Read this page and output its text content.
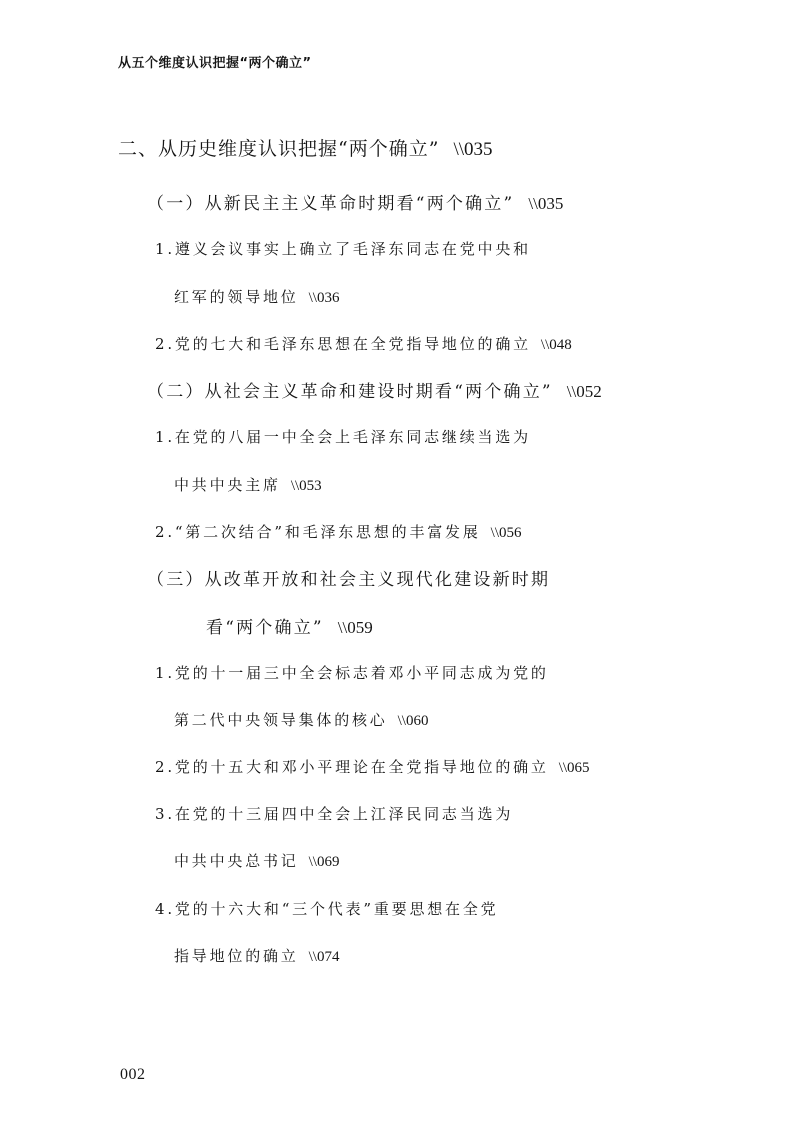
从五个维度认识把握“两个确立”
二、从历史维度认识把握“两个确立” \\035
（一）从新民主主义革命时期看“两个确立” \\035
1.遵义会议事实上确立了毛泽东同志在党中央和
红军的领导地位 \\036
2.党的七大和毛泽东思想在全党指导地位的确立 \\048
（二）从社会主义革命和建设时期看“两个确立” \\052
1.在党的八届一中全会上毛泽东同志继续当选为
中共中央主席 \\053
2.“第二次结合”和毛泽东思想的丰富发展 \\056
（三）从改革开放和社会主义现代化建设新时期
看“两个确立” \\059
1.党的十一届三中全会标志着邓小平同志成为党的
第二代中央领导集体的核心 \\060
2.党的十五大和邓小平理论在全党指导地位的确立 \\065
3.在党的十三届四中全会上江泽民同志当选为
中共中央总书记 \\069
4.党的十六大和“三个代表”重要思想在全党
指导地位的确立 \\074
002
